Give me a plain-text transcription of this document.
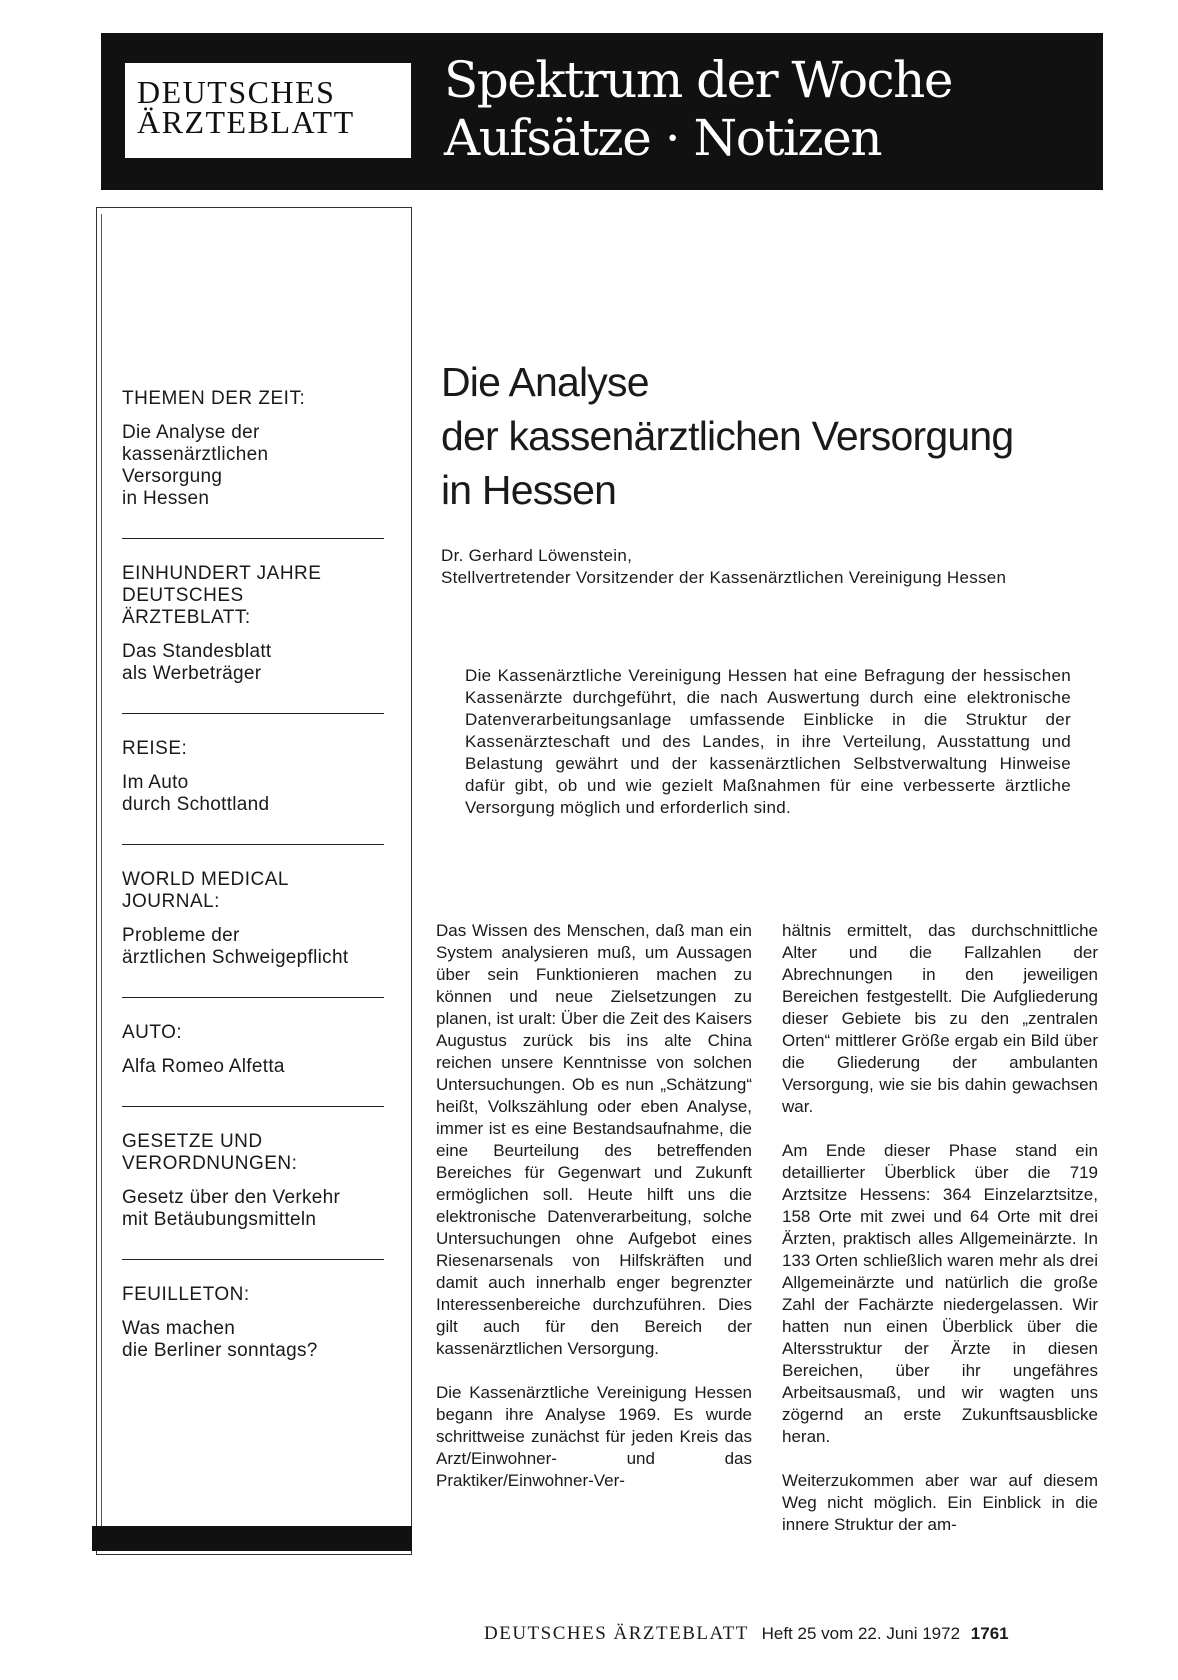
DEUTSCHES
ÄRZTEBLATT
Spektrum der Woche
Aufsätze · Notizen

THEMEN DER ZEIT:

Die Analyse der
kassenärztlichen
Versorgung
in Hessen

EINHUNDERT JAHRE
DEUTSCHES
ÄRZTEBLATT:

Das Standesblatt
als Werbeträger

REISE:

Im Auto
durch Schottland

WORLD MEDICAL
JOURNAL:

Probleme der
ärztlichen Schweigepflicht

AUTO:

Alfa Romeo Alfetta

GESETZE UND
VERORDNUNGEN:

Gesetz über den Verkehr
mit Betäubungsmitteln

FEUILLETON:

Was machen
die Berliner sonntags?

Die Analyse
der kassenärztlichen Versorgung
in Hessen
Dr. Gerhard Löwenstein,
Stellvertretender Vorsitzender der Kassenärztlichen Vereinigung Hessen

Die Kassenärztliche Vereinigung Hessen hat eine Befragung der hessischen Kassenärzte durchgeführt, die nach Auswertung durch eine elektronische Datenverarbeitungsanlage umfassende Einblicke in die Struktur der Kassenärzteschaft und des Landes, in ihre Verteilung, Ausstattung und Belastung gewährt und der kassenärztlichen Selbstverwaltung Hinweise dafür gibt, ob und wie gezielt Maßnahmen für eine verbesserte ärztliche Versorgung möglich und erforderlich sind.

Das Wissen des Menschen, daß man ein System analysieren muß, um Aussagen über sein Funktionieren machen zu können und neue Zielsetzungen zu planen, ist uralt: Über die Zeit des Kaisers Augustus zurück bis ins alte China reichen unsere Kenntnisse von solchen Untersuchungen. Ob es nun „Schätzung“ heißt, Volkszählung oder eben Analyse, immer ist es eine Bestandsaufnahme, die eine Beurteilung des betreffenden Bereiches für Gegenwart und Zukunft ermöglichen soll. Heute hilft uns die elektronische Datenverarbeitung, solche Untersuchungen ohne Aufgebot eines Riesenarsenals von Hilfskräften und damit auch innerhalb enger begrenzter Interessenbereiche durchzuführen. Dies gilt auch für den Bereich der kassenärztlichen Versorgung.

Die Kassenärztliche Vereinigung Hessen begann ihre Analyse 1969. Es wurde schrittweise zunächst für jeden Kreis das Arzt/Einwohner- und das Praktiker/Einwohner-Ver-

hältnis ermittelt, das durchschnittliche Alter und die Fallzahlen der Abrechnungen in den jeweiligen Bereichen festgestellt. Die Aufgliederung dieser Gebiete bis zu den „zentralen Orten“ mittlerer Größe ergab ein Bild über die Gliederung der ambulanten Versorgung, wie sie bis dahin gewachsen war.

Am Ende dieser Phase stand ein detaillierter Überblick über die 719 Arztsitze Hessens: 364 Einzelarztsitze, 158 Orte mit zwei und 64 Orte mit drei Ärzten, praktisch alles Allgemeinärzte. In 133 Orten schließlich waren mehr als drei Allgemeinärzte und natürlich die große Zahl der Fachärzte niedergelassen. Wir hatten nun einen Überblick über die Altersstruktur der Ärzte in diesen Bereichen, über ihr ungefähres Arbeitsausmaß, und wir wagten uns zögernd an erste Zukunftsausblicke heran.

Weiterzukommen aber war auf diesem Weg nicht möglich. Ein Einblick in die innere Struktur der am-

DEUTSCHES ÄRZTEBLATT Heft 25 vom 22. Juni 1972 1761
